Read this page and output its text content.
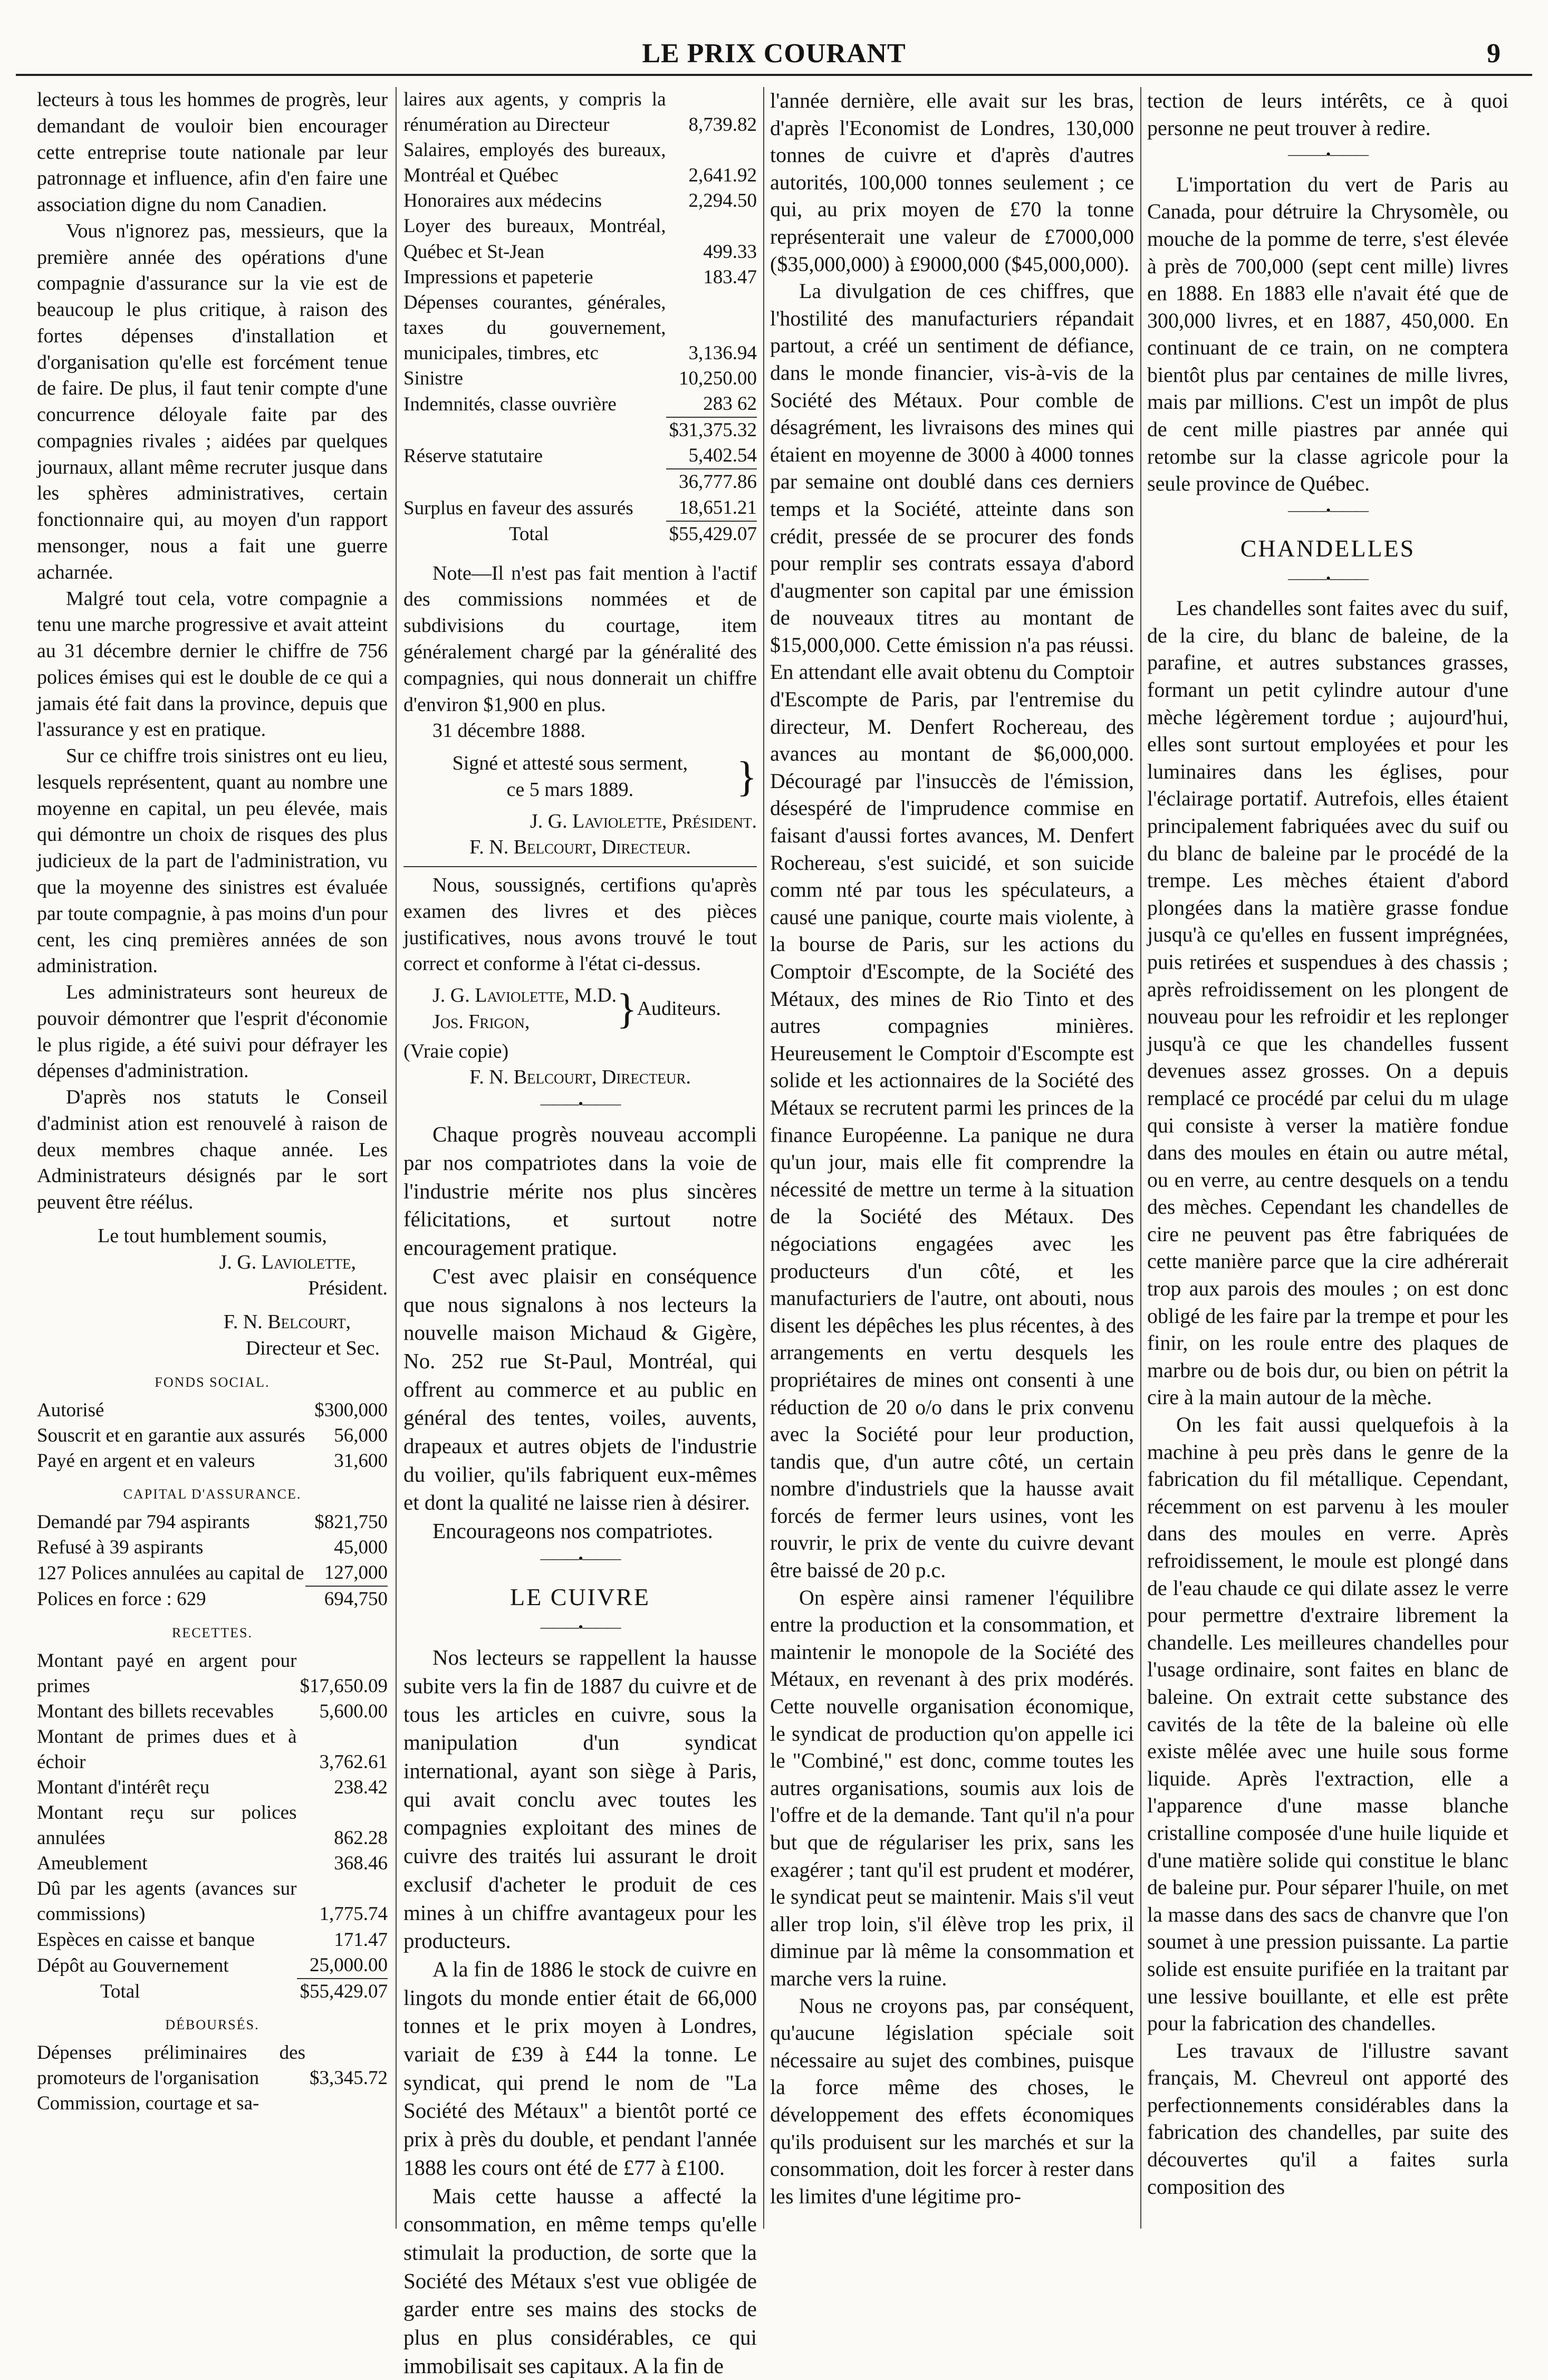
LE PRIX COURANT	9

lecteurs à tous les hommes de progrès, leur demandant de vouloir bien encourager cette entreprise toute nationale par leur patronnage et influence, afin d'en faire une association digne du nom Canadien.

Vous n'ignorez pas, messieurs, que la première année des opérations d'une compagnie d'assurance sur la vie est de beaucoup le plus critique, à raison des fortes dépenses d'installation et d'organisation qu'elle est forcément tenue de faire. De plus, il faut tenir compte d'une concurrence déloyale faite par des compagnies rivales ; aidées par quelques journaux, allant même recruter jusque dans les sphères administratives, certain fonctionnaire qui, au moyen d'un rapport mensonger, nous a fait une guerre acharnée.

Malgré tout cela, votre compagnie a tenu une marche progressive et avait atteint au 31 décembre dernier le chiffre de 756 polices émises qui est le double de ce qui a jamais été fait dans la province, depuis que l'assurance y est en pratique.

Sur ce chiffre trois sinistres ont eu lieu, lesquels représentent, quant au nombre une moyenne en capital, un peu élevée, mais qui démontre un choix de risques des plus judicieux de la part de l'administration, vu que la moyenne des sinistres est évaluée par toute compagnie, à pas moins d'un pour cent, les cinq premières années de son administration.

Les administrateurs sont heureux de pouvoir démontrer que l'esprit d'économie le plus rigide, a été suivi pour défrayer les dépenses d'administration.

D'après nos statuts le Conseil d'administ ation est renouvelé à raison de deux membres chaque année. Les Administrateurs désignés par le sort peuvent être réélus.

Le tout humblement soumis,

J. G. Laviolette,

Président.

F. N. Belcourt,

Directeur et Sec.

FONDS SOCIAL.
Autorisé	$300,000
Souscrit et en garantie aux assurés	56,000
Payé en argent et en valeurs	31,600
CAPITAL D'ASSURANCE.
Demandé par 794 aspirants	$821,750
Refusé à 39 aspirants	45,000
127 Polices annulées au capital de	127,000
Polices en force : 629	694,750
RECETTES.
Montant payé en argent pour primes	$17,650.09
Montant des billets recevables	5,600.00
Montant de primes dues et à échoir	3,762.61
Montant d'intérêt reçu	238.42
Montant reçu sur polices annulées	862.28
Ameublement	368.46
Dû par les agents (avances sur commissions)	1,775.74
Espèces en caisse et banque	171.47
Dépôt au Gouvernement	25,000.00
Total	$55,429.07
DÉBOURSÉS.
Dépenses préliminaires des promoteurs de l'organisation	$3,345.72
Commission, courtage et sa-	
laires aux agents, y compris la rénumération au Directeur	8,739.82
Salaires, employés des bureaux, Montréal et Québec	2,641.92
Honoraires aux médecins	2,294.50
Loyer des bureaux, Montréal, Québec et St-Jean	499.33
Impressions et papeterie	183.47
Dépenses courantes, générales, taxes du gouvernement, municipales, timbres, etc	3,136.94
Sinistre	10,250.00
Indemnités, classe ouvrière	283 62
	$31,375.32
Réserve statutaire	5,402.54
	36,777.86
Surplus en faveur des assurés	18,651.21
Total	$55,429.07

Note—Il n'est pas fait mention à l'actif des commissions nommées et de subdivisions du courtage, item généralement chargé par la généralité des compagnies, qui nous donnerait un chiffre d'environ $1,900 en plus.

31 décembre 1888.

Signé et attesté sous serment,
ce 5 mars 1889.	}

J. G. Laviolette, Président.

F. N. Belcourt, Directeur.

Nous, soussignés, certifions qu'après examen des livres et des pièces justificatives, nous avons trouvé le tout correct et conforme à l'état ci-dessus.

J. G. Laviolette, M.D.
Jos. Frigon,	} Auditeurs.

(Vraie copie)

F. N. Belcourt, Directeur.

———•———

Chaque progrès nouveau accompli par nos compatriotes dans la voie de l'industrie mérite nos plus sincères félicitations, et surtout notre encouragement pratique.

C'est avec plaisir en conséquence que nous signalons à nos lecteurs la nouvelle maison Michaud & Gigère, No. 252 rue St-Paul, Montréal, qui offrent au commerce et au public en général des tentes, voiles, auvents, drapeaux et autres objets de l'industrie du voilier, qu'ils fabriquent eux-mêmes et dont la qualité ne laisse rien à désirer.

Encourageons nos compatriotes.

———•———
LE CUIVRE
———•———

Nos lecteurs se rappellent la hausse subite vers la fin de 1887 du cuivre et de tous les articles en cuivre, sous la manipulation d'un syndicat international, ayant son siège à Paris, qui avait conclu avec toutes les compagnies exploitant des mines de cuivre des traités lui assurant le droit exclusif d'acheter le produit de ces mines à un chiffre avantageux pour les producteurs.

A la fin de 1886 le stock de cuivre en lingots du monde entier était de 66,000 tonnes et le prix moyen à Londres, variait de £39 à £44 la tonne. Le syndicat, qui prend le nom de "La Société des Métaux" a bientôt porté ce prix à près du double, et pendant l'année 1888 les cours ont été de £77 à £100.

Mais cette hausse a affecté la consommation, en même temps qu'elle stimulait la production, de sorte que la Société des Métaux s'est vue obligée de garder entre ses mains des stocks de plus en plus considérables, ce qui immobilisait ses capitaux. A la fin de

l'année dernière, elle avait sur les bras, d'après l'Economist de Londres, 130,000 tonnes de cuivre et d'après d'autres autorités, 100,000 tonnes seulement ; ce qui, au prix moyen de £70 la tonne représenterait une valeur de £7000,000 ($35,000,000) à £9000,000 ($45,000,000).

La divulgation de ces chiffres, que l'hostilité des manufacturiers répandait partout, a créé un sentiment de défiance, dans le monde financier, vis-à-vis de la Société des Métaux. Pour comble de désagrément, les livraisons des mines qui étaient en moyenne de 3000 à 4000 tonnes par semaine ont doublé dans ces derniers temps et la Société, atteinte dans son crédit, pressée de se procurer des fonds pour remplir ses contrats essaya d'abord d'augmenter son capital par une émission de nouveaux titres au montant de $15,000,000. Cette émission n'a pas réussi. En attendant elle avait obtenu du Comptoir d'Escompte de Paris, par l'entremise du directeur, M. Denfert Rochereau, des avances au montant de $6,000,000. Découragé par l'insuccès de l'émission, désespéré de l'imprudence commise en faisant d'aussi fortes avances, M. Denfert Rochereau, s'est suicidé, et son suicide comm nté par tous les spéculateurs, a causé une panique, courte mais violente, à la bourse de Paris, sur les actions du Comptoir d'Escompte, de la Société des Métaux, des mines de Rio Tinto et des autres compagnies minières. Heureusement le Comptoir d'Escompte est solide et les actionnaires de la Société des Métaux se recrutent parmi les princes de la finance Européenne. La panique ne dura qu'un jour, mais elle fit comprendre la nécessité de mettre un terme à la situation de la Société des Métaux. Des négociations engagées avec les producteurs d'un côté, et les manufacturiers de l'autre, ont abouti, nous disent les dépêches les plus récentes, à des arrangements en vertu desquels les propriétaires de mines ont consenti à une réduction de 20 o/o dans le prix convenu avec la Société pour leur production, tandis que, d'un autre côté, un certain nombre d'industriels que la hausse avait forcés de fermer leurs usines, vont les rouvrir, le prix de vente du cuivre devant être baissé de 20 p.c.

On espère ainsi ramener l'équilibre entre la production et la consommation, et maintenir le monopole de la Société des Métaux, en revenant à des prix modérés. Cette nouvelle organisation économique, le syndicat de production qu'on appelle ici le "Combiné," est donc, comme toutes les autres organisations, soumis aux lois de l'offre et de la demande. Tant qu'il n'a pour but que de régulariser les prix, sans les exagérer ; tant qu'il est prudent et modérer, le syndicat peut se maintenir. Mais s'il veut aller trop loin, s'il élève trop les prix, il diminue par là même la consommation et marche vers la ruine.

Nous ne croyons pas, par conséquent, qu'aucune législation spéciale soit nécessaire au sujet des combines, puisque la force même des choses, le développement des effets économiques qu'ils produisent sur les marchés et sur la consommation, doit les forcer à rester dans les limites d'une légitime pro-

tection de leurs intérêts, ce à quoi personne ne peut trouver à redire.

———•———

L'importation du vert de Paris au Canada, pour détruire la Chrysomèle, ou mouche de la pomme de terre, s'est élevée à près de 700,000 (sept cent mille) livres en 1888. En 1883 elle n'avait été que de 300,000 livres, et en 1887, 450,000. En continuant de ce train, on ne comptera bientôt plus par centaines de mille livres, mais par millions. C'est un impôt de plus de cent mille piastres par année qui retombe sur la classe agricole pour la seule province de Québec.

———•———
CHANDELLES
———•———

Les chandelles sont faites avec du suif, de la cire, du blanc de baleine, de la parafine, et autres substances grasses, formant un petit cylindre autour d'une mèche légèrement tordue ; aujourd'hui, elles sont surtout employées et pour les luminaires dans les églises, pour l'éclairage portatif. Autrefois, elles étaient principalement fabriquées avec du suif ou du blanc de baleine par le procédé de la trempe. Les mèches étaient d'abord plongées dans la matière grasse fondue jusqu'à ce qu'elles en fussent imprégnées, puis retirées et suspendues à des chassis ; après refroidissement on les plongent de nouveau pour les refroidir et les replonger jusqu'à ce que les chandelles fussent devenues assez grosses. On a depuis remplacé ce procédé par celui du m ulage qui consiste à verser la matière fondue dans des moules en étain ou autre métal, ou en verre, au centre desquels on a tendu des mèches. Cependant les chandelles de cire ne peuvent pas être fabriquées de cette manière parce que la cire adhérerait trop aux parois des moules ; on est donc obligé de les faire par la trempe et pour les finir, on les roule entre des plaques de marbre ou de bois dur, ou bien on pétrit la cire à la main autour de la mèche.

On les fait aussi quelquefois à la machine à peu près dans le genre de la fabrication du fil métallique. Cependant, récemment on est parvenu à les mouler dans des moules en verre. Après refroidissement, le moule est plongé dans de l'eau chaude ce qui dilate assez le verre pour permettre d'extraire librement la chandelle. Les meilleures chandelles pour l'usage ordinaire, sont faites en blanc de baleine. On extrait cette substance des cavités de la tête de la baleine où elle existe mêlée avec une huile sous forme liquide. Après l'extraction, elle a l'apparence d'une masse blanche cristalline composée d'une huile liquide et d'une matière solide qui constitue le blanc de baleine pur. Pour séparer l'huile, on met la masse dans des sacs de chanvre que l'on soumet à une pression puissante. La partie solide est ensuite purifiée en la traitant par une lessive bouillante, et elle est prête pour la fabrication des chandelles.

Les travaux de l'illustre savant français, M. Chevreul ont apporté des perfectionnements considérables dans la fabrication des chandelles, par suite des découvertes qu'il a faites surla composition des
